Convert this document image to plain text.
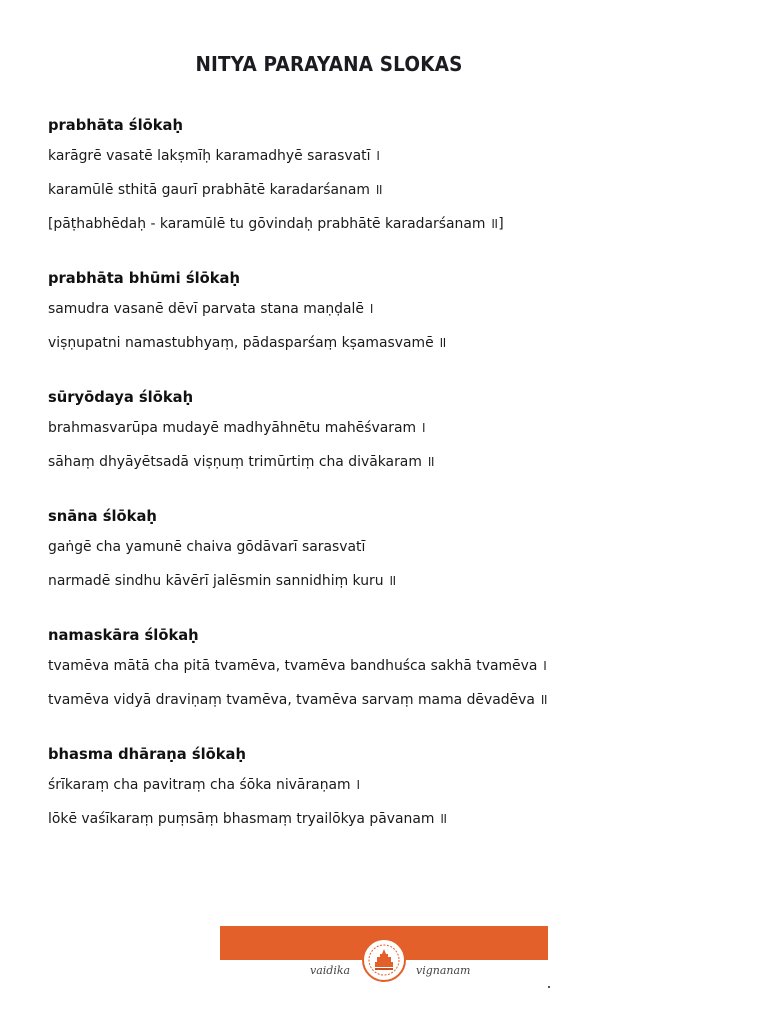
NITYA PARAYANA SLOKAS
prabhāta ślōkaḥ
karāgrē vasatē lakṣmīḥ karamadhyē sarasvatī ।
karamūlē sthitā gaurī prabhātē karadarśanam ॥
[pāṭhabhēdaḥ - karamūlē tu gōvindaḥ prabhātē karadarśanam ॥]
prabhāta bhūmi ślōkaḥ
samudra vasanē dēvī parvata stana maṇḍalē ।
viṣṇupatni namastubhyaṃ, pādasparśaṃ kṣamasvamē ॥
sūryōdaya ślōkaḥ
brahmasvarūpa mudayē madhyāhnētu mahēśvaram ।
sāhaṃ dhyāyētsadā viṣṇuṃ trimūrtiṃ cha divākaram ॥
snāna ślōkaḥ
gaṅgē cha yamunē chaiva gōdāvarī sarasvatī
narmadē sindhu kāvērī jalēsmin sannidhiṃ kuru ॥
namaskāra ślōkaḥ
tvamēva mātā cha pitā tvamēva, tvamēva bandhuśca sakhā tvamēva ।
tvamēva vidyā draviṇaṃ tvamēva, tvamēva sarvaṃ mama dēvadēva ॥
bhasma dhāraṇa ślōkaḥ
śrīkaraṃ cha pavitraṃ cha śōka nivāraṇam ।
lōkē vaśīkaraṃ puṃsāṃ bhasmaṃ tryailōkya pāvanam ॥
vaidika	vignanam
